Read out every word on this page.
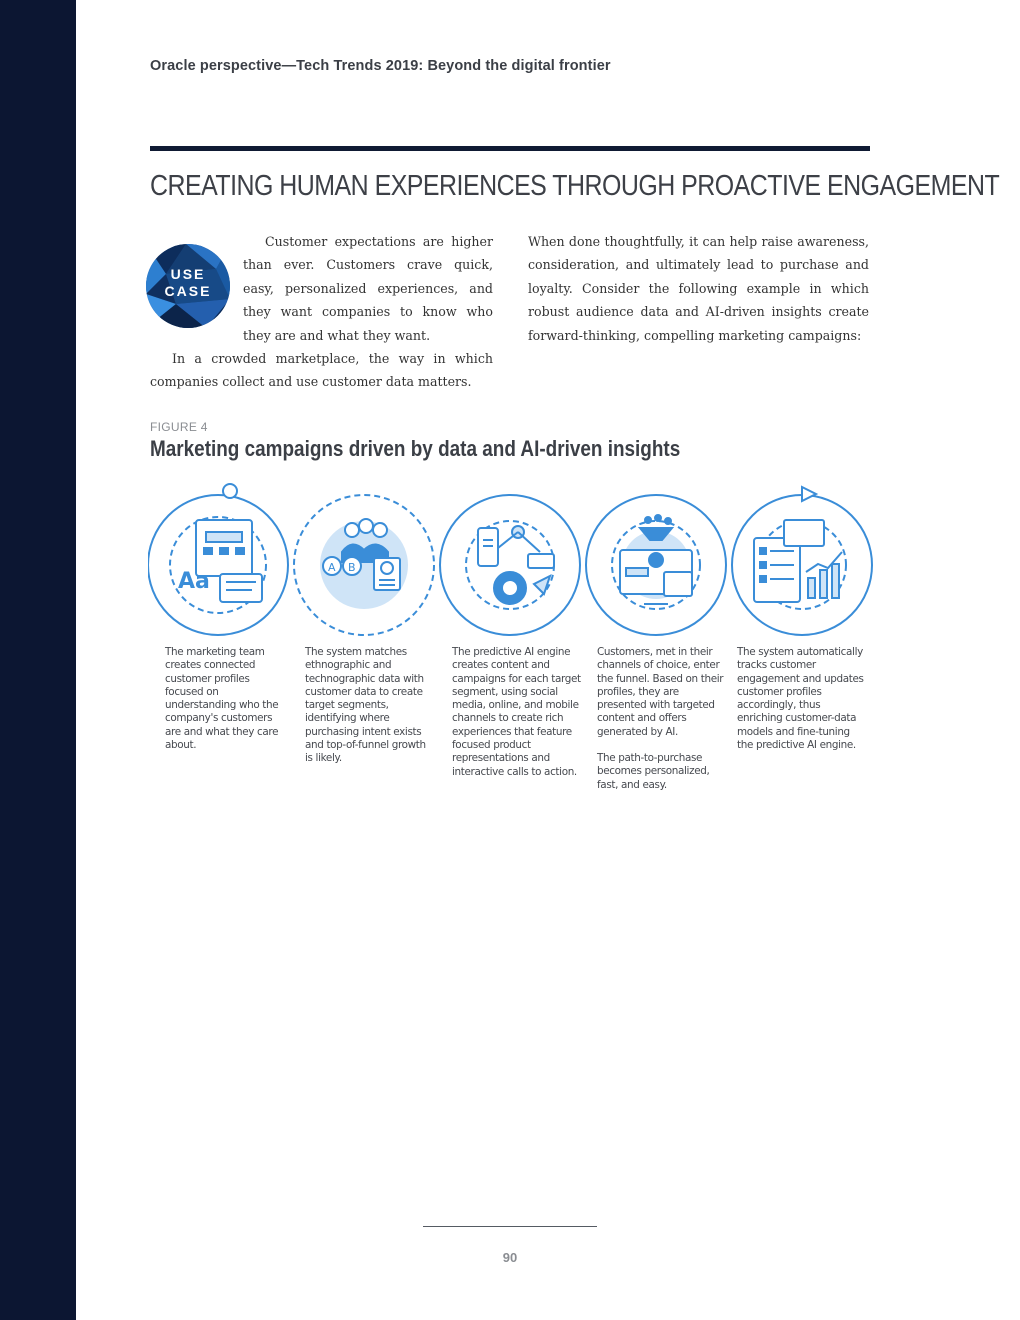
Oracle perspective—Tech Trends 2019: Beyond the digital frontier
CREATING HUMAN EXPERIENCES THROUGH PROACTIVE ENGAGEMENT
USE
CASE

Customer expectations are higher than ever. Customers crave quick, easy, personalized experiences, and they want companies to know who they are and what they want.

In a crowded marketplace, the way in which companies collect and use customer data matters.

When done thoughtfully, it can help raise awareness, consideration, and ultimately lead to purchase and loyalty. Consider the following example in which robust audience data and AI-driven insights create forward-thinking, compelling marketing campaigns:

FIGURE 4
Marketing campaigns driven by data and AI-driven insights
Aa
A B

The marketing team creates connected customer profiles focused on understanding who the company's customers are and what they care about.

The system matches ethnographic and technographic data with customer data to create target segments, identifying where purchasing intent exists and top-of-funnel growth is likely.

The predictive AI engine creates content and campaigns for each target segment, using social media, online, and mobile channels to create rich experiences that feature focused product representations and interactive calls to action.

Customers, met in their channels of choice, enter the funnel. Based on their profiles, they are presented with targeted content and offers generated by AI.

The path-to-purchase becomes personalized, fast, and easy.

The system automatically tracks customer engagement and updates customer profiles accordingly, thus enriching customer-data models and fine-tuning the predictive AI engine.

90
